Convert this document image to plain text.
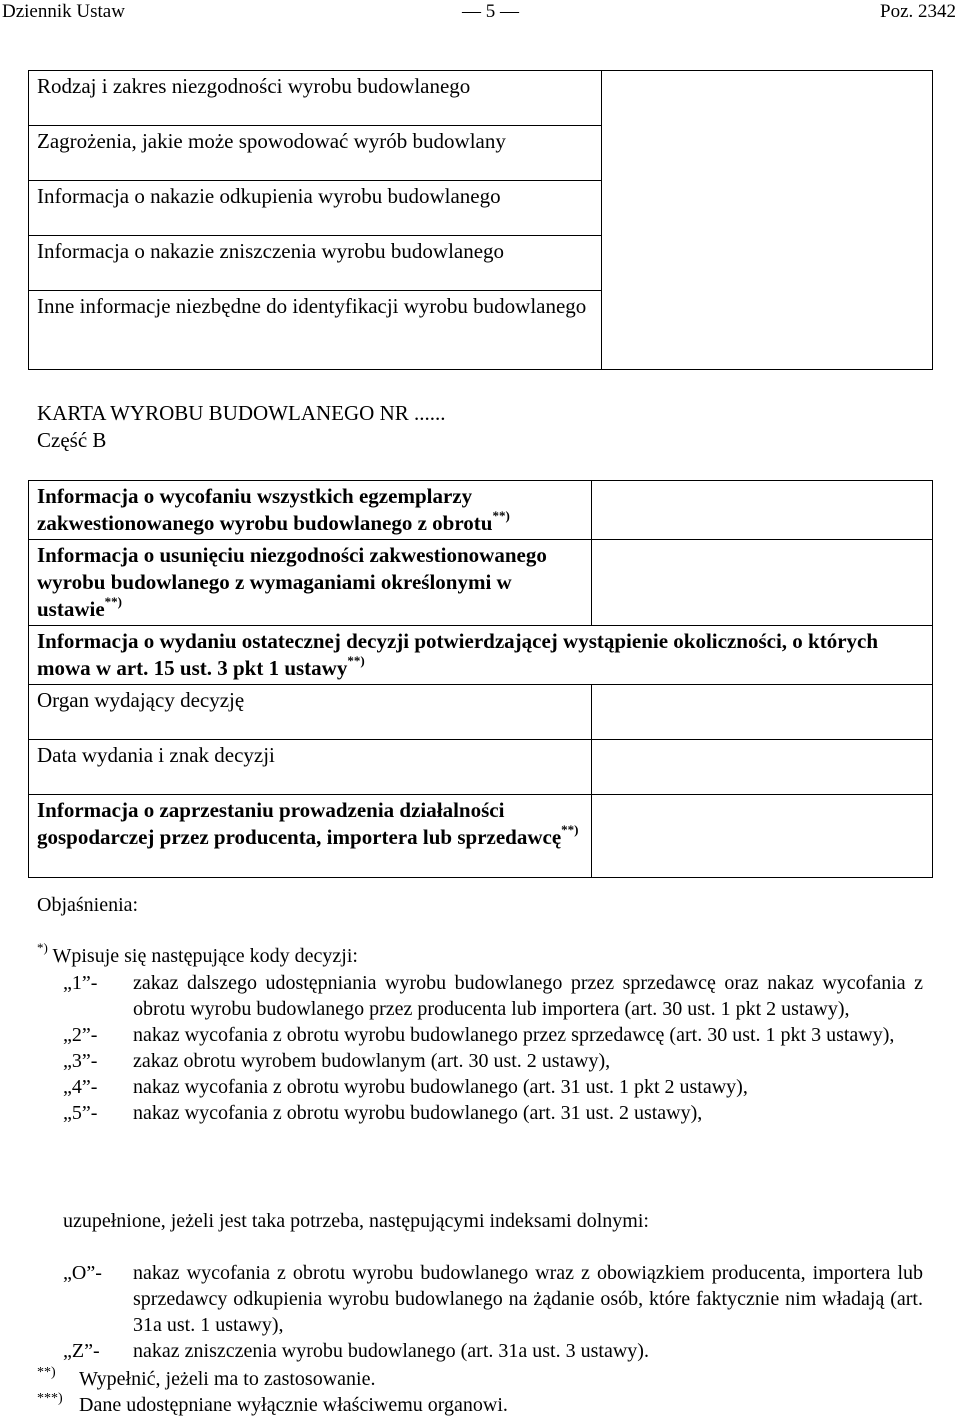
Dziennik Ustaw	— 5 —	Poz. 2342
Rodzaj i zakres niezgodności wyrobu budowlanego	
Zagrożenia, jakie może spowodować wyrób budowlany
Informacja o nakazie odkupienia wyrobu budowlanego
Informacja o nakazie zniszczenia wyrobu budowlanego
Inne informacje niezbędne do identyfikacji wyrobu budowlanego
KARTA WYROBU BUDOWLANEGO NR ......
Część B
Informacja o wycofaniu wszystkich egzemplarzy zakwestionowanego wyrobu budowlanego z obrotu**)	
Informacja o usunięciu niezgodności zakwestionowanego wyrobu budowlanego z wymaganiami określonymi w ustawie**)	
Informacja o wydaniu ostatecznej decyzji potwierdzającej wystąpienie okoliczności, o których mowa w art. 15 ust. 3 pkt 1 ustawy**)
Organ wydający decyzję	
Data wydania i znak decyzji	
Informacja o zaprzestaniu prowadzenia działalności gospodarczej przez producenta, importera lub sprzedawcę**)	
Objaśnienia:
*) Wpisuje się następujące kody decyzji:
„1”-	zakaz dalszego udostępniania wyrobu budowlanego przez sprzedawcę oraz nakaz wycofania z obrotu wyrobu budowlanego przez producenta lub importera (art. 30 ust. 1 pkt 2 ustawy),
„2”-	nakaz wycofania z obrotu wyrobu budowlanego przez sprzedawcę (art. 30 ust. 1 pkt 3 ustawy),
„3”-	zakaz obrotu wyrobem budowlanym (art. 30 ust. 2 ustawy),
„4”-	nakaz wycofania z obrotu wyrobu budowlanego (art. 31 ust. 1 pkt 2 ustawy),
„5”-	nakaz wycofania z obrotu wyrobu budowlanego (art. 31 ust. 2 ustawy),
uzupełnione, jeżeli jest taka potrzeba, następującymi indeksami dolnymi:
„O”-	nakaz wycofania z obrotu wyrobu budowlanego wraz z obowiązkiem producenta, importera lub sprzedawcy odkupienia wyrobu budowlanego na żądanie osób, które faktycznie nim władają (art. 31a ust. 1 ustawy),
„Z”-	nakaz zniszczenia wyrobu budowlanego (art. 31a ust. 3 ustawy).
**) Wypełnić, jeżeli ma to zastosowanie.
***) Dane udostępniane wyłącznie właściwemu organowi.
